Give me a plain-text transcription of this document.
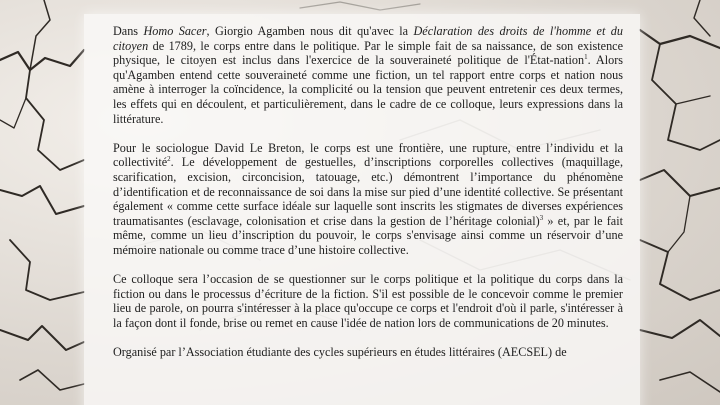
Dans Homo Sacer, Giorgio Agamben nous dit qu'avec la Déclaration des droits de l'homme et du citoyen de 1789, le corps entre dans le politique. Par le simple fait de sa naissance, de son existence physique, le citoyen est inclus dans l'exercice de la souveraineté politique de l'État-nation$^1$. Alors qu'Agamben entend cette souveraineté comme une fiction, un tel rapport entre corps et nation nous amène à interroger la coïncidence, la complicité ou la tension que peuvent entretenir ces deux termes, les effets qui en découlent, et particulièrement, dans le cadre de ce colloque, leurs expressions dans la littérature.

Pour le sociologue David Le Breton, le corps est une frontière, une rupture, entre l’individu et la collectivité$^2$. Le développement de gestuelles, d’inscriptions corporelles collectives (maquillage, scarification, excision, circoncision, tatouage, etc.) démontrent l’importance du phénomène d’identification et de reconnaissance de soi dans la mise sur pied d’une identité collective. Se présentant également « comme cette surface idéale sur laquelle sont inscrits les stigmates de diverses expériences traumatisantes (esclavage, colonisation et crise dans la gestion de l’héritage colonial)$^3$ » et, par le fait même, comme un lieu d’inscription du pouvoir, le corps s'envisage ainsi comme un réservoir d’une mémoire nationale ou comme trace d’une histoire collective.

Ce colloque sera l’occasion de se questionner sur le corps politique et la politique du corps dans la fiction ou dans le processus d’écriture de la fiction. S'il est possible de le concevoir comme le premier lieu de parole, on pourra s'intéresser à la place qu'occupe ce corps et l'endroit d'où il parle, s'intéresser à la façon dont il fonde, brise ou remet en cause l'idée de nation lors de communications de 20 minutes.

Organisé par l’Association étudiante des cycles supérieurs en études littéraires (AECSEL) de
